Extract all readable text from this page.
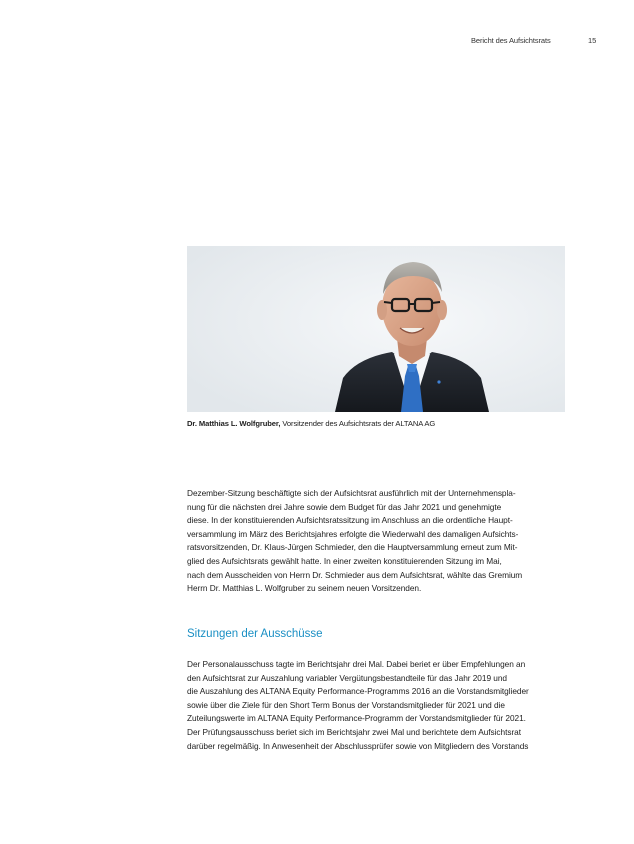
Bericht des Aufsichtsrats	15
Dr. Matthias L. Wolfgruber, Vorsitzender des Aufsichtsrats der ALTANA AG

Dezember-Sitzung beschäftigte sich der Aufsichtsrat ausführlich mit der Unternehmenspla-
nung für die nächsten drei Jahre sowie dem Budget für das Jahr 2021 und genehmigte
diese. In der konstituierenden Aufsichtsratssitzung im Anschluss an die ordentliche Haupt-
versammlung im März des Berichtsjahres erfolgte die Wiederwahl des damaligen Aufsichts-
ratsvorsitzenden, Dr. Klaus-Jürgen Schmieder, den die Hauptversammlung erneut zum Mit-
glied des Aufsichtsrats gewählt hatte. In einer zweiten konstituierenden Sitzung im Mai,
nach dem Ausscheiden von Herrn Dr. Schmieder aus dem Aufsichtsrat, wählte das Gremium
Herrn Dr. Matthias L. Wolfgruber zu seinem neuen Vorsitzenden.

Sitzungen der Ausschüsse

Der Personalausschuss tagte im Berichtsjahr drei Mal. Dabei beriet er über Empfehlungen an
den Aufsichtsrat zur Auszahlung variabler Vergütungsbestandteile für das Jahr 2019 und
die Auszahlung des ALTANA Equity Performance-Programms 2016 an die Vorstandsmitglieder
sowie über die Ziele für den Short Term Bonus der Vorstandsmitglieder für 2021 und die
Zuteilungswerte im ALTANA Equity Performance-Programm der Vorstandsmitglieder für 2021.
Der Prüfungsausschuss beriet sich im Berichtsjahr zwei Mal und berichtete dem Aufsichtsrat
darüber regelmäßig. In Anwesenheit der Abschlussprüfer sowie von Mitgliedern des Vorstands
